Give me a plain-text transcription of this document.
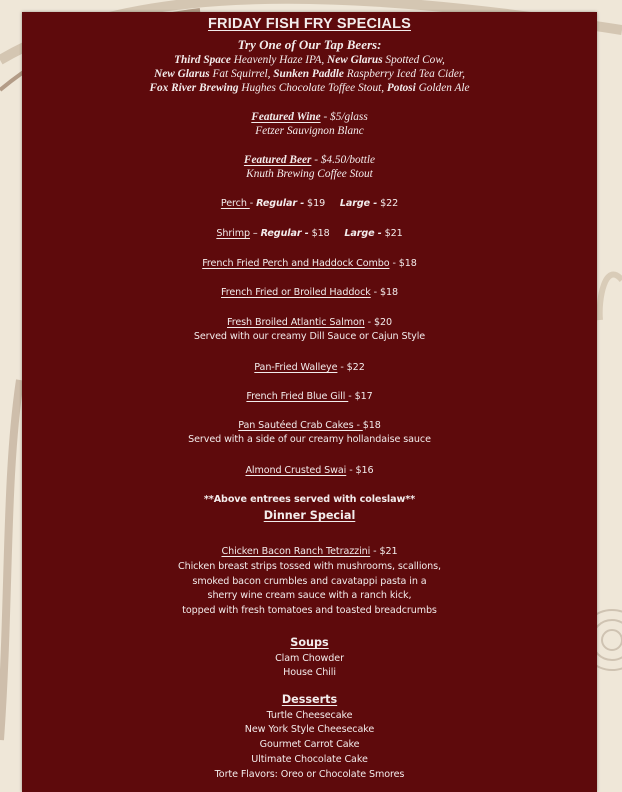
FRIDAY FISH FRY SPECIALS
Try One of Our Tap Beers:
Third Space Heavenly Haze IPA, New Glarus Spotted Cow,
New Glarus Fat Squirrel, Sunken Paddle Raspberry Iced Tea Cider,
Fox River Brewing Hughes Chocolate Toffee Stout, Potosi Golden Ale
Featured Wine - $5/glass
Fetzer Sauvignon Blanc
Featured Beer - $4.50/bottle
Knuth Brewing Coffee Stout
Perch - Regular - $19     Large - $22
Shrimp – Regular - $18     Large - $21
French Fried Perch and Haddock Combo - $18
French Fried or Broiled Haddock - $18
Fresh Broiled Atlantic Salmon - $20
Served with our creamy Dill Sauce or Cajun Style
Pan-Fried Walleye - $22
French Fried Blue Gill - $17
Pan Sautéed Crab Cakes - $18
Served with a side of our creamy hollandaise sauce
Almond Crusted Swai - $16
**Above entrees served with coleslaw**
Dinner Special
Chicken Bacon Ranch Tetrazzini - $21
Chicken breast strips tossed with mushrooms, scallions,
smoked bacon crumbles and cavatappi pasta in a
sherry wine cream sauce with a ranch kick,
topped with fresh tomatoes and toasted breadcrumbs
Soups
Clam Chowder
House Chili
Desserts
Turtle Cheesecake
New York Style Cheesecake
Gourmet Carrot Cake
Ultimate Chocolate Cake
Torte Flavors: Oreo or Chocolate Smores
